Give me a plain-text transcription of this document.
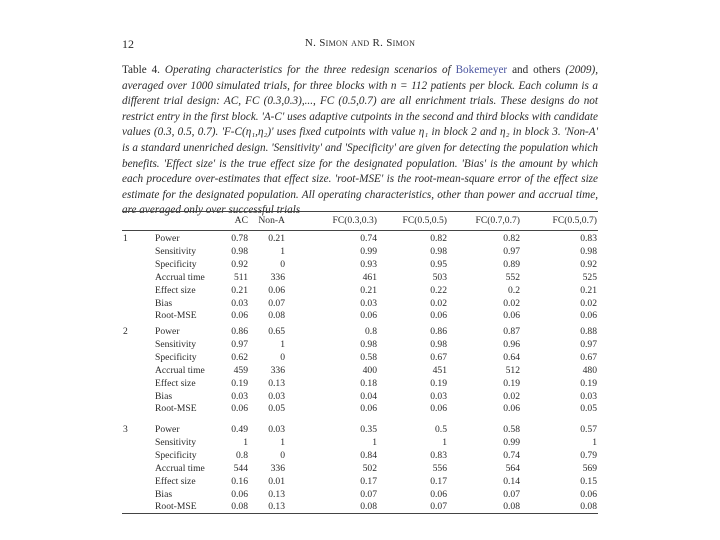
12	N. Simon and R. Simon
Table 4. Operating characteristics for the three redesign scenarios of Bokemeyer and others (2009), averaged over 1000 simulated trials, for three blocks with n = 112 patients per block. Each column is a different trial design: AC, FC (0.3,0.3),..., FC (0.5,0.7) are all enrichment trials. These designs do not restrict entry in the first block. 'A-C' uses adaptive cutpoints in the second and third blocks with candidate values (0.3, 0.5, 0.7). 'F-C(η₁,η₂)' uses fixed cutpoints with value η₁ in block 2 and η₂ in block 3. 'Non-A' is a standard unenriched design. 'Sensitivity' and 'Specificity' are given for detecting the population which benefits. 'Effect size' is the true effect size for the designated population. 'Bias' is the amount by which each procedure over-estimates that effect size. 'root-MSE' is the root-mean-square error of the effect size estimate for the designated population. All operating characteristics, other than power and accrual time,
AC Non-A	FC(0.3,0.3)	FC(0.5,0.5)	FC(0.7,0.7)	FC(0.5,0.7)
1	Power	0.78 0.21	0.74	0.82	0.82	0.83
Sensitivity	0.98	1	0.99	0.98	0.97	0.98
Specificity	0.92	0	0.93	0.95	0.89	0.92
Accrual time	511 336	461	503	552	525
Effect size	0.21 0.06	0.21	0.22	0.2	0.21
Bias	0.03 0.07	0.03	0.02	0.02	0.02
Root-MSE	0.06 0.08	0.06	0.06	0.06	0.06
2	Power	0.86 0.65	0.8	0.86	0.87	0.88
Sensitivity	0.97	1	0.98	0.98	0.96	0.97
Specificity	0.62	0	0.58	0.67	0.64	0.67
Accrual time	459 336	400	451	512	480
Effect size	0.19 0.13	0.18	0.19	0.19	0.19
Bias	0.03 0.03	0.04	0.03	0.02	0.03
Root-MSE	0.06 0.05	0.06	0.06	0.06	0.05
3	Power	0.49 0.03	0.35	0.5	0.58	0.57
Sensitivity	1	1	1	1	0.99	1
Specificity	0.8	0	0.84	0.83	0.74	0.79
Accrual time	544 336	502	556	564	569
Effect size	0.16 0.01	0.17	0.17	0.14	0.15
Bias	0.06 0.13	0.07	0.06	0.07	0.06
Root-MSE	0.08 0.13	0.08	0.07	0.08	0.08
